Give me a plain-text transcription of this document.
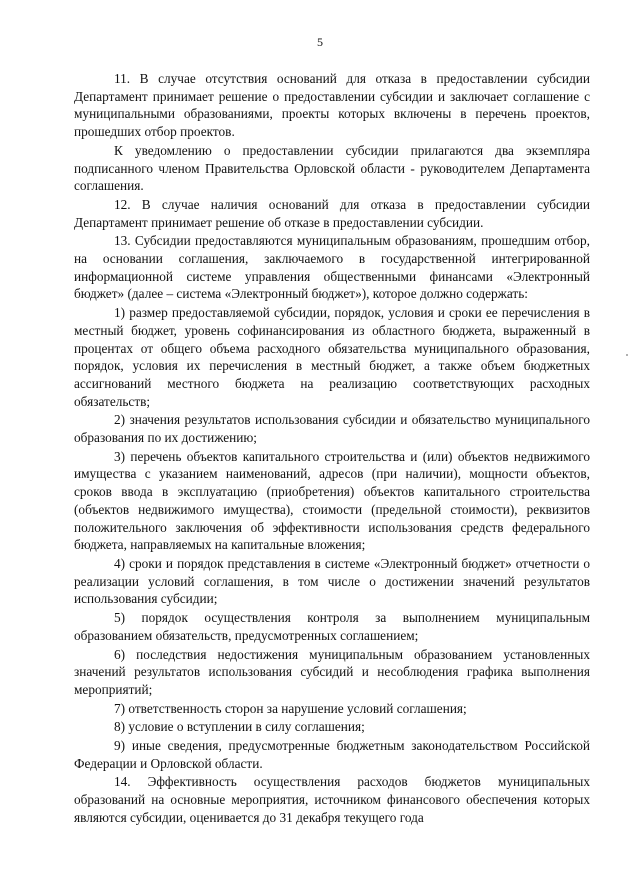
5

11. В случае отсутствия оснований для отказа в предоставлении субсидии Департамент принимает решение о предоставлении субсидии и заключает соглашение с муниципальными образованиями, проекты которых включены в перечень проектов, прошедших отбор проектов.

К уведомлению о предоставлении субсидии прилагаются два экземпляра подписанного членом Правительства Орловской области - руководителем Департамента соглашения.

12. В случае наличия оснований для отказа в предоставлении субсидии Департамент принимает решение об отказе в предоставлении субсидии.

13. Субсидии предоставляются муниципальным образованиям, прошедшим отбор, на основании соглашения, заключаемого в государственной интегрированной информационной системе управления общественными финансами «Электронный бюджет» (далее – система «Электронный бюджет»), которое должно содержать:

1) размер предоставляемой субсидии, порядок, условия и сроки ее перечисления в местный бюджет, уровень софинансирования из областного бюджета, выраженный в процентах от общего объема расходного обязательства муниципального образования, порядок, условия их перечисления в местный бюджет, а также объем бюджетных ассигнований местного бюджета на реализацию соответствующих расходных обязательств;

2) значения результатов использования субсидии и обязательство муниципального образования по их достижению;

3) перечень объектов капитального строительства и (или) объектов недвижимого имущества с указанием наименований, адресов (при наличии), мощности объектов, сроков ввода в эксплуатацию (приобретения) объектов капитального строительства (объектов недвижимого имущества), стоимости (предельной стоимости), реквизитов положительного заключения об эффективности использования средств федерального бюджета, направляемых на капитальные вложения;

4) сроки и порядок представления в системе «Электронный бюджет» отчетности о реализации условий соглашения, в том числе о достижении значений результатов использования субсидии;

5) порядок осуществления контроля за выполнением муниципальным образованием обязательств, предусмотренных соглашением;

6) последствия недостижения муниципальным образованием установленных значений результатов использования субсидий и несоблюдения графика выполнения мероприятий;

7) ответственность сторон за нарушение условий соглашения;

8) условие о вступлении в силу соглашения;

9) иные сведения, предусмотренные бюджетным законодательством Российской Федерации и Орловской области.

14. Эффективность осуществления расходов бюджетов муниципальных образований на основные мероприятия, источником финансового обеспечения которых являются субсидии, оценивается до 31 декабря текущего года
